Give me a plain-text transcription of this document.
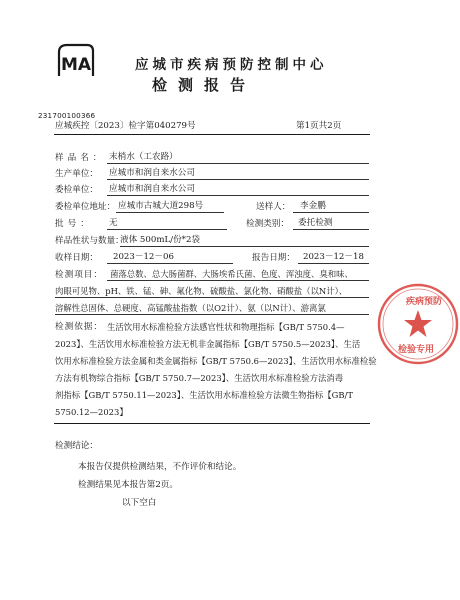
MA
231700100366
应城市疾病预防控制中心
检测报告
应城疾控〔2023〕检字第040279号	第1页共2页
样品名： 末梢水（工农路）
生产单位： 应城市和润自来水公司
委检单位： 应城市和润自来水公司
委检单位地址： 应城市古城大道298号	送样人： 李金鹏
批号： 无	检测类别： 委托检测
样品性状与数量：
液体 500mL/份*2袋
收样日期： 2023－12－06	报告日期： 2023－12－18
检测项目： 菌落总数、总大肠菌群、大肠埃希氏菌、色度、浑浊度、臭和味、
肉眼可见物、pH、铁、锰、砷、氟化物、硫酸盐、氯化物、硝酸盐（以N计）、
溶解性总固体、总硬度、高锰酸盐指数（以O2计）、氨（以N计）、游离氯
检测依据： 生活饮用水标准检验方法感官性状和物理指标【GB/T 5750.4—
2023】、生活饮用水标准检验方法无机非金属指标【GB/T 5750.5—2023】、生活
饮用水标准检验方法金属和类金属指标【GB/T 5750.6—2023】、生活饮用水标准检验
方法有机物综合指标【GB/T 5750.7—2023】、生活饮用水标准检验方法消毒
剂指标【GB/T 5750.11—2023】、生活饮用水标准检验方法微生物指标【GB/T
5750.12—2023】
检测结论：
本报告仅提供检测结果，不作评价和结论。
检测结果见本报告第2页。
以下空白
疾病预防
检验专用
